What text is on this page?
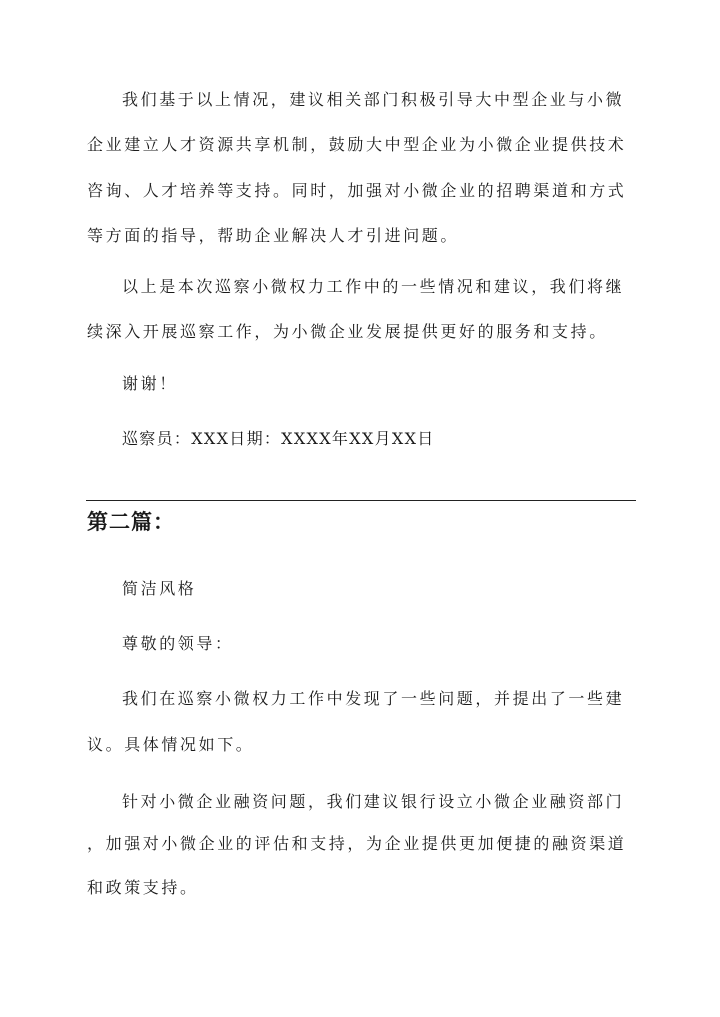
我们基于以上情况，建议相关部门积极引导大中型企业与小微
企业建立人才资源共享机制，鼓励大中型企业为小微企业提供技术
咨询、人才培养等支持。同时，加强对小微企业的招聘渠道和方式
等方面的指导，帮助企业解决人才引进问题。
以上是本次巡察小微权力工作中的一些情况和建议，我们将继
续深入开展巡察工作，为小微企业发展提供更好的服务和支持。
谢谢！
巡察员：XXX日期：XXXX年XX月XX日
第二篇：
简洁风格
尊敬的领导：
我们在巡察小微权力工作中发现了一些问题，并提出了一些建
议。具体情况如下。
针对小微企业融资问题，我们建议银行设立小微企业融资部门
，加强对小微企业的评估和支持，为企业提供更加便捷的融资渠道
和政策支持。
